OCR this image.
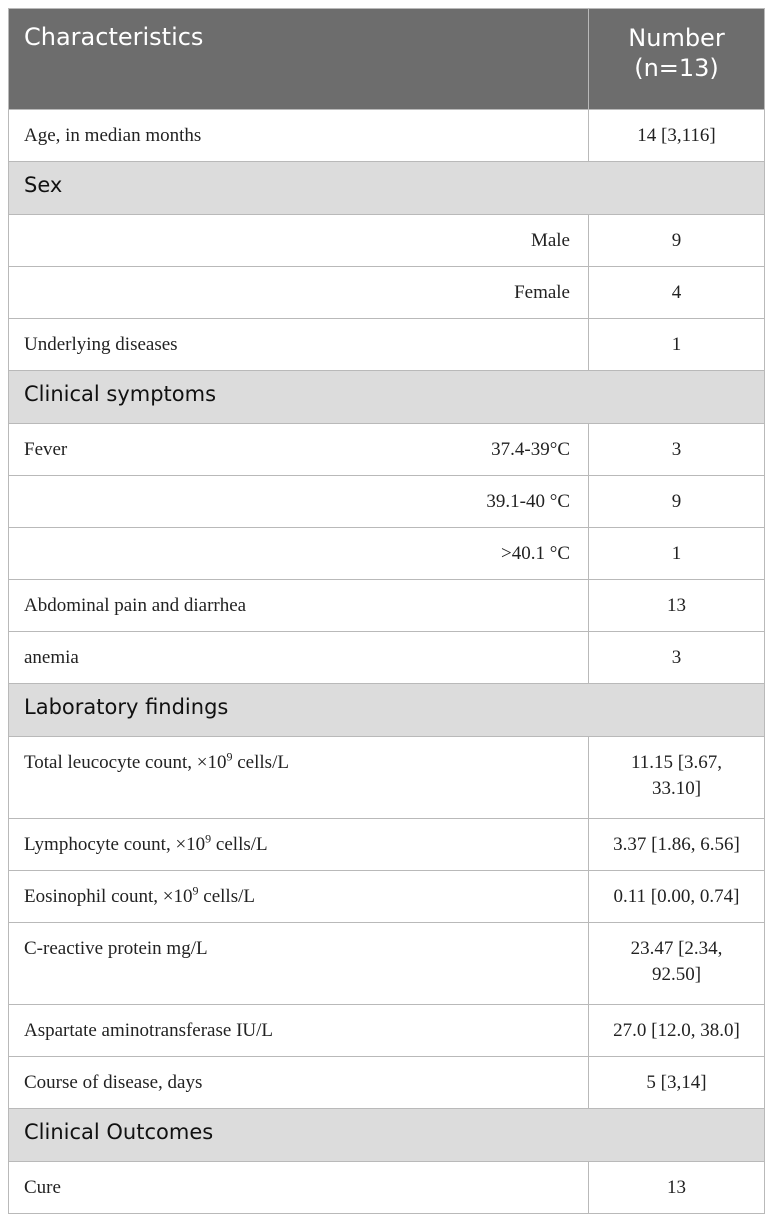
Characteristics	Number
(n=13)
Age, in median months	14 [3,116]
Sex	
Male	9
Female	4
Underlying diseases	1
Clinical symptoms	

Fever 37.4-39°C	3
39.1-40 °C	9
>40.1 °C	1
Abdominal pain and diarrhea	13
anemia	3
Laboratory findings	
Total leucocyte count, $\times 10^9$ cells/L	11.15 [3.67,
33.10]
Lymphocyte count, $\times 10^9$ cells/L	3.37 [1.86, 6.56]
Eosinophil count, $\times 10^9$ cells/L	0.11 [0.00, 0.74]
C-reactive protein mg/L	23.47 [2.34,
92.50]
Aspartate aminotransferase IU/L	27.0 [12.0, 38.0]
Course of disease, days	5 [3,14]
Clinical Outcomes	
Cure	13
